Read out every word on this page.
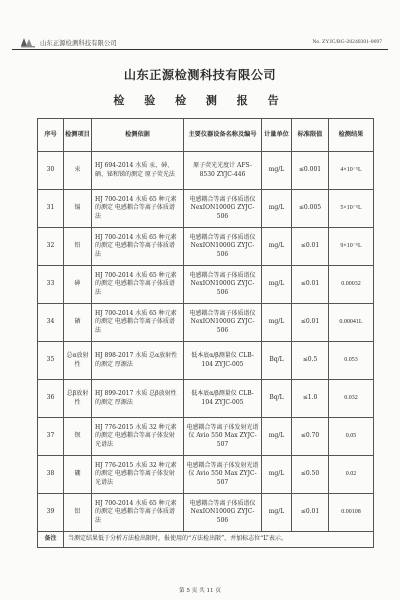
山东正源检测科技有限公司	No. ZYJC/BG-20240301-0697
山东正源检测科技有限公司
检 验 检 测 报 告
序号	检测项目	检测依据	主要仪器设备名称及编号	计量单位	标准限值	检测结果
30	汞	HJ 694-2014 水质 汞、砷、硒、铋和锑的测定 原子荧光法	原子荧光光度计 AFS-8530 ZYJC-446	mg/L	≤0.001	4×10⁻⁵L
31	镉	HJ 700-2014 水质 65 种元素的测定 电感耦合等离子体质谱法	电感耦合等离子体质谱仪 NexION1000G ZYJC-506	mg/L	≤0.005	5×10⁻⁵L
32	铅	HJ 700-2014 水质 65 种元素的测定 电感耦合等离子体质谱法	电感耦合等离子体质谱仪 NexION1000G ZYJC-506	mg/L	≤0.01	9×10⁻⁵L
33	砷	HJ 700-2014 水质 65 种元素的测定 电感耦合等离子体质谱法	电感耦合等离子体质谱仪 NexION1000G ZYJC-506	mg/L	≤0.01	0.00032
34	硒	HJ 700-2014 水质 65 种元素的测定 电感耦合等离子体质谱法	电感耦合等离子体质谱仪 NexION1000G ZYJC-506	mg/L	≤0.01	0.00041L
35	总α放射性	HJ 898-2017 水质 总α放射性的测定 厚源法	低本底α/β测量仪 CLB-104 ZYJC-005	Bq/L	≤0.5	0.053
36	总β放射性	HJ 899-2017 水质 总β放射性的测定 厚源法	低本底α/β测量仪 CLB-104 ZYJC-005	Bq/L	≤1.0	0.032
37	钡	HJ 776-2015 水质 32 种元素的测定 电感耦合等离子体发射光谱法	电感耦合等离子体发射光谱仪 Avio 550 Max ZYJC-507	mg/L	≤0.70	0.05
38	硼	HJ 776-2015 水质 32 种元素的测定 电感耦合等离子体发射光谱法	电感耦合等离子体发射光谱仪 Avio 550 Max ZYJC-507	mg/L	≤0.50	0.02
39	铝	HJ 700-2014 水质 65 种元素的测定 电感耦合等离子体质谱法	电感耦合等离子体质谱仪 NexION1000G ZYJC-506	mg/L	≤0.01	0.00108
备注	当测定结果低于分析方法检出限时，报使用的“方法检出限”，并加标志位“L”表示。					
第 5 页 共 11 页
